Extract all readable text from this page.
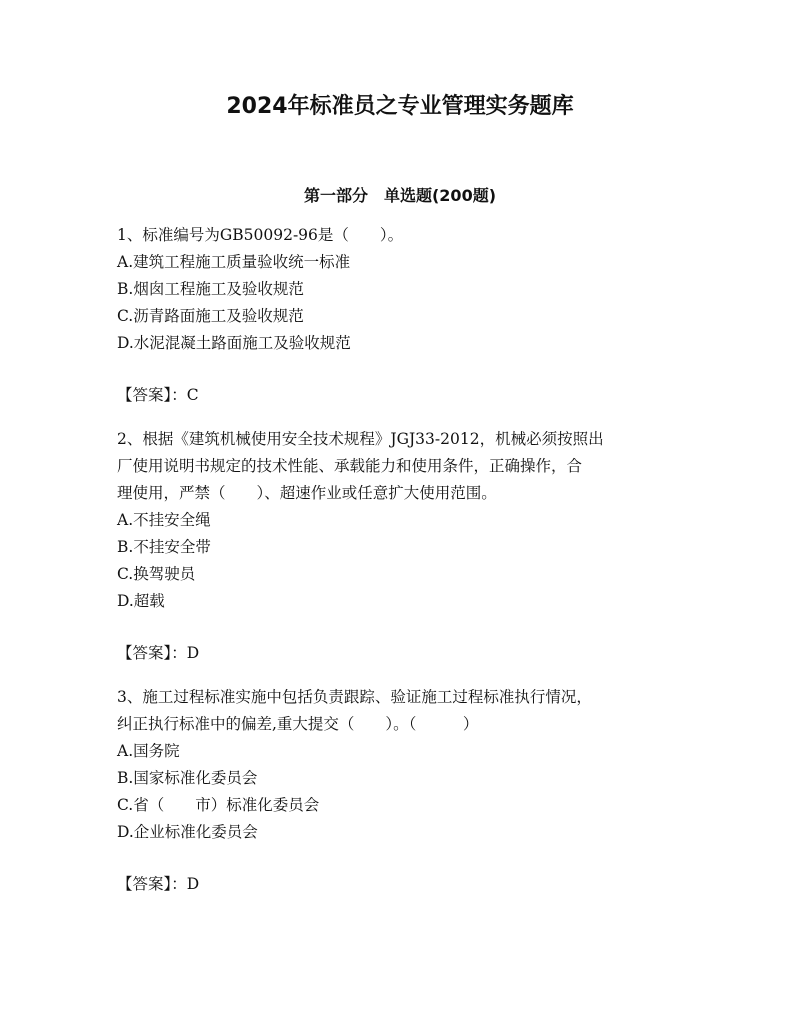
2024年标准员之专业管理实务题库
第一部分　单选题(200题)
1、标准编号为GB50092-96是（　　）。
A.建筑工程施工质量验收统一标准
B.烟囱工程施工及验收规范
C.沥青路面施工及验收规范
D.水泥混凝土路面施工及验收规范
【答案】：C
2、根据《建筑机械使用安全技术规程》JGJ33-2012，机械必须按照出
厂使用说明书规定的技术性能、承载能力和使用条件，正确操作，合
理使用，严禁（　　）、超速作业或任意扩大使用范围。
A.不挂安全绳
B.不挂安全带
C.换驾驶员
D.超载
【答案】：D
3、施工过程标准实施中包括负责跟踪、验证施工过程标准执行情况，
纠正执行标准中的偏差,重大提交（　　）。（　　　）
A.国务院
B.国家标准化委员会
C.省（　　市）标准化委员会
D.企业标准化委员会
【答案】：D
